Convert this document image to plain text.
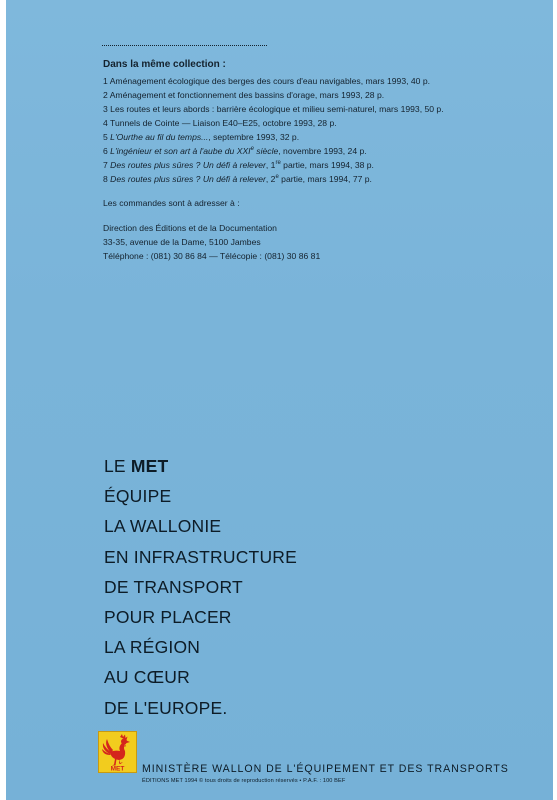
Dans la même collection :
1 Aménagement écologique des berges des cours d'eau navigables, mars 1993, 40 p.
2 Aménagement et fonctionnement des bassins d'orage, mars 1993, 28 p.
3 Les routes et leurs abords : barrière écologique et milieu semi-naturel, mars 1993, 50 p.
4 Tunnels de Cointe — Liaison E40–E25, octobre 1993, 28 p.
5 L'Ourthe au fil du temps..., septembre 1993, 32 p.
6 L'ingénieur et son art à l'aube du XXIe siècle, novembre 1993, 24 p.
7 Des routes plus sûres ? Un défi à relever, 1re partie, mars 1994, 38 p.
8 Des routes plus sûres ? Un défi à relever, 2e partie, mars 1994, 77 p.
Les commandes sont à adresser à :
Direction des Éditions et de la Documentation
33-35, avenue de la Dame, 5100 Jambes
Téléphone : (081) 30 86 84 — Télécopie : (081) 30 86 81
LE MET
ÉQUIPE
LA WALLONIE
EN INFRASTRUCTURE
DE TRANSPORT
POUR PLACER
LA RÉGION
AU CŒUR
DE L'EUROPE.
MET MINISTÈRE WALLON DE L'ÉQUIPEMENT ET DES TRANSPORTS
ÉDITIONS MET 1994 © tous droits de reproduction réservés • P.A.F. : 100 BEF
